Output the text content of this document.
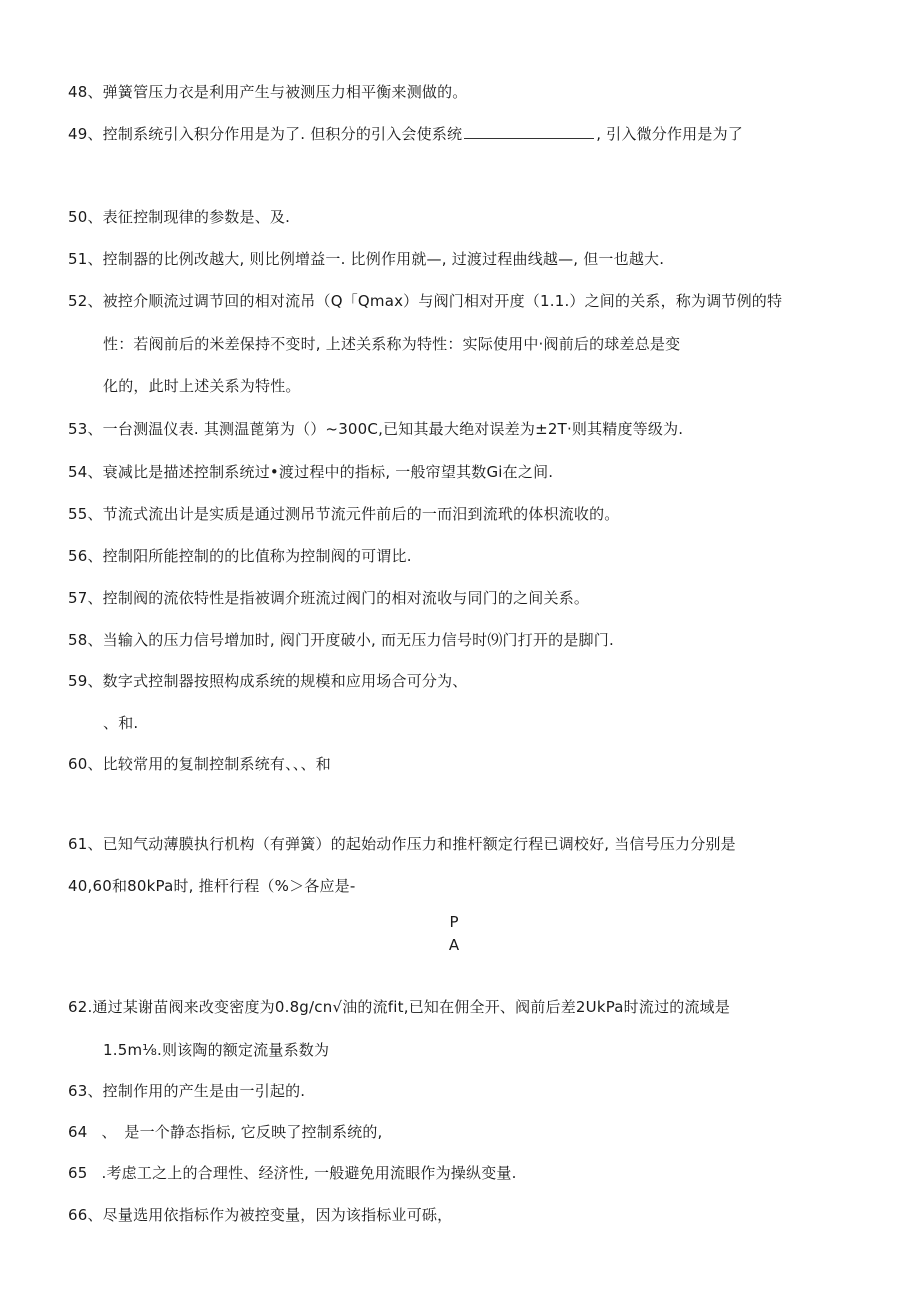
48、弹簧管压力衣是利用产生与被测压力相平衡来测做的。
49、控制系统引入积分作用是为了. 但积分的引入会使系统	, 引入微分作用是为了
50、表征控制现律的参数是、及.
51、控制器的比例改越大, 则比例增益一. 比例作用就—, 过渡过程曲线越—, 但一也越大.
52、被控介顺流过调节回的相对流吊（Q「Qmax）与阀门相对开度（1.1.）之间的关系，称为调节例的特
性：若阀前后的米差保持不变时, 上述关系称为特性：实际使用中·阀前后的球差总是变
化的，此时上述关系为特性。
53、一台测温仪表. 其测温蓖第为（）~300C,已知其最大绝对误差为±2T·则其精度等级为.
54、衰减比是描述控制系统过•渡过程中的指标, 一般帘望其数Gi在之间.
55、节流式流出计是实质是通过测吊节流元件前后的一而汨到流玳的体枳流收的。
56、控制阳所能控制的的比值称为控制阀的可谓比.
57、控制阀的流依特性是指被调介班流过阀门的相对流收与同门的之间关系。
58、当输入的压力信号增加时, 阀门开度破小, 而无压力信号时⑼门打开的是脚门.
59、数字式控制器按照构成系统的规模和应用场合可分为、
、和.
60、比较常用的复制控制系统有、、、和
61、已知气动薄膜执行机构（有弹簧）的起始动作压力和推杆额定行程已调校好, 当信号压力分别是
40,60和80kPa时, 推杆行程（%＞各应是-
P
A
62.通过某谢苗阀来改变密度为0.8g∕cn√油的流fit,已知在佣全开、阀前后差2UkPa时流过的流域是
1.5m⅛.则该陶的额定流量系数为
63、控制作用的产生是由一引起的.
64 、　是一个静态指标, 它反映了控制系统的,
65 .考虑工之上的合理性、经济性, 一般避免用流眼作为操纵变量.
66、尽量选用依指标作为被控变量，因为该指标业可砾，
